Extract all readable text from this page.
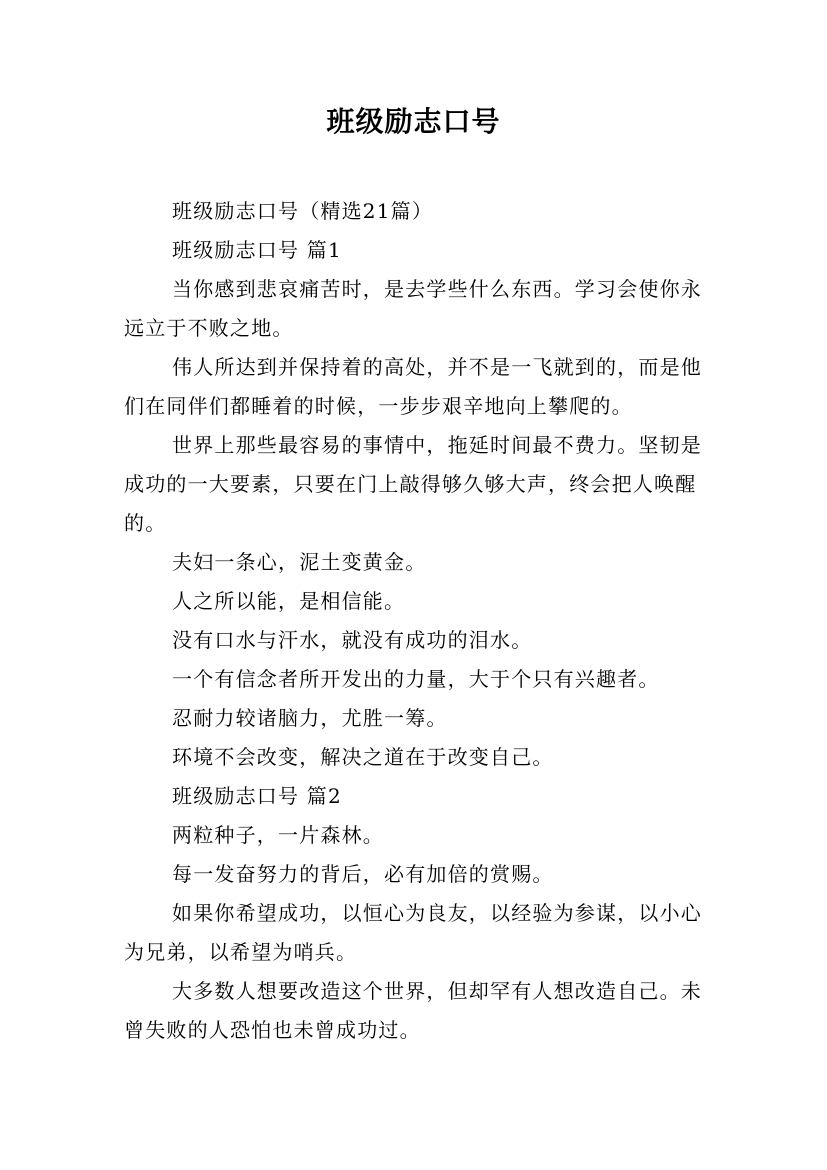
班级励志口号

班级励志口号（精选21篇）

班级励志口号 篇1

当你感到悲哀痛苦时，是去学些什么东西。学习会使你永远立于不败之地。

伟人所达到并保持着的高处，并不是一飞就到的，而是他们在同伴们都睡着的时候，一步步艰辛地向上攀爬的。

世界上那些最容易的事情中，拖延时间最不费力。坚韧是成功的一大要素，只要在门上敲得够久够大声，终会把人唤醒的。

夫妇一条心，泥土变黄金。

人之所以能，是相信能。

没有口水与汗水，就没有成功的泪水。

一个有信念者所开发出的力量，大于个只有兴趣者。

忍耐力较诸脑力，尤胜一筹。

环境不会改变，解决之道在于改变自己。

班级励志口号 篇2

两粒种子，一片森林。

每一发奋努力的背后，必有加倍的赏赐。

如果你希望成功，以恒心为良友，以经验为参谋，以小心为兄弟，以希望为哨兵。

大多数人想要改造这个世界，但却罕有人想改造自己。未曾失败的人恐怕也未曾成功过。
